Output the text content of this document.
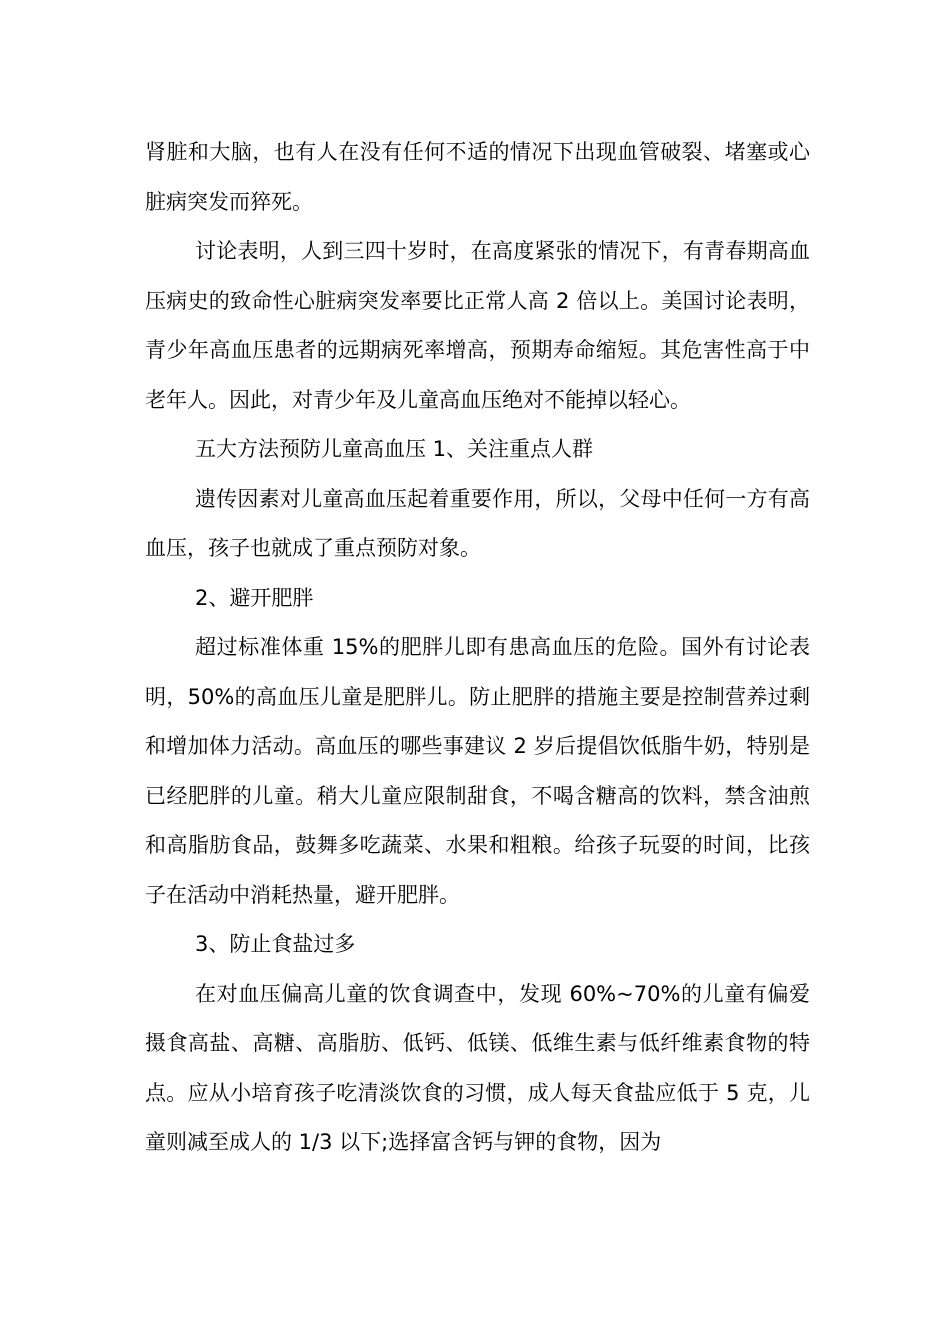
肾脏和大脑，也有人在没有任何不适的情况下出现血管破裂、堵塞或心脏病突发而猝死。

讨论表明，人到三四十岁时，在高度紧张的情况下，有青春期高血压病史的致命性心脏病突发率要比正常人高 2 倍以上。美国讨论表明，青少年高血压患者的远期病死率增高，预期寿命缩短。其危害性高于中老年人。因此，对青少年及儿童高血压绝对不能掉以轻心。

五大方法预防儿童高血压 1、关注重点人群

遗传因素对儿童高血压起着重要作用，所以，父母中任何一方有高血压，孩子也就成了重点预防对象。

2、避开肥胖

超过标准体重 15%的肥胖儿即有患高血压的危险。国外有讨论表明，50%的高血压儿童是肥胖儿。防止肥胖的措施主要是控制营养过剩和增加体力活动。高血压的哪些事建议 2 岁后提倡饮低脂牛奶，特别是已经肥胖的儿童。稍大儿童应限制甜食，不喝含糖高的饮料，禁含油煎和高脂肪食品，鼓舞多吃蔬菜、水果和粗粮。给孩子玩耍的时间，比孩子在活动中消耗热量，避开肥胖。

3、防止食盐过多

在对血压偏高儿童的饮食调查中，发现 60%~70%的儿童有偏爱摄食高盐、高糖、高脂肪、低钙、低镁、低维生素与低纤维素食物的特点。应从小培育孩子吃清淡饮食的习惯，成人每天食盐应低于 5 克，儿童则减至成人的 1/3 以下;选择富含钙与钾的食物，因为
